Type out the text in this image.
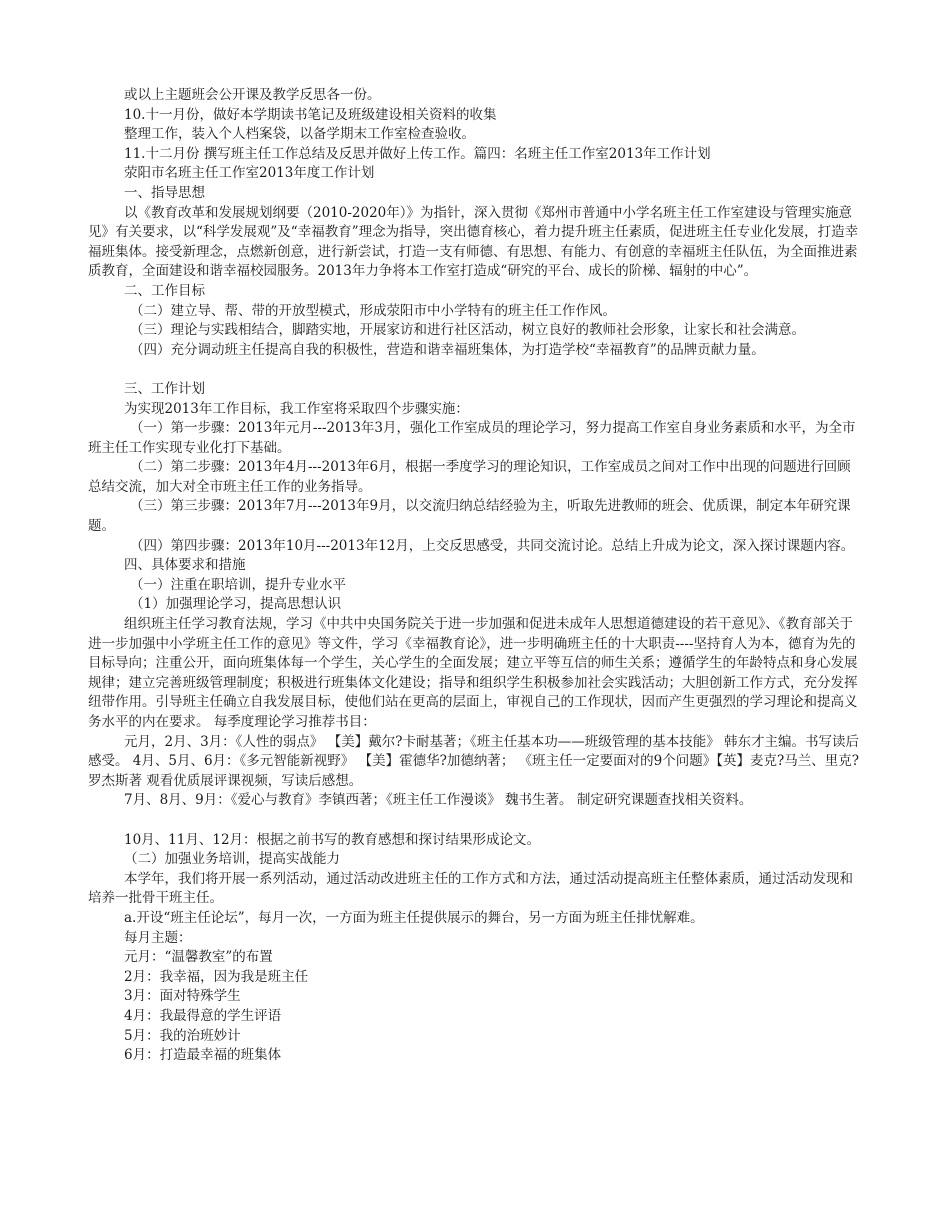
或以上主题班会公开课及教学反思各一份。

10.十一月份，做好本学期读书笔记及班级建设相关资料的收集

整理工作，装入个人档案袋，以备学期末工作室检查验收。

11.十二月份 撰写班主任工作总结及反思并做好上传工作。篇四：名班主任工作室2013年工作计划

荥阳市名班主任工作室2013年度工作计划

一、指导思想

以《教育改革和发展规划纲要（2010-2020年）》为指针，深入贯彻《郑州市普通中小学名班主任工作室建设与管理实施意见》有关要求，以“科学发展观”及“幸福教育”理念为指导，突出德育核心，着力提升班主任素质，促进班主任专业化发展，打造幸福班集体。接受新理念，点燃新创意，进行新尝试，打造一支有师德、有思想、有能力、有创意的幸福班主任队伍，为全面推进素质教育，全面建设和谐幸福校园服务。2013年力争将本工作室打造成“研究的平台、成长的阶梯、辐射的中心”。

二、工作目标

（二）建立导、帮、带的开放型模式，形成荥阳市中小学特有的班主任工作作风。

（三）理论与实践相结合，脚踏实地，开展家访和进行社区活动，树立良好的教师社会形象，让家长和社会满意。

（四）充分调动班主任提高自我的积极性，营造和谐幸福班集体，为打造学校“幸福教育”的品牌贡献力量。

三、工作计划

为实现2013年工作目标，我工作室将采取四个步骤实施：

（一）第一步骤：2013年元月---2013年3月，强化工作室成员的理论学习，努力提高工作室自身业务素质和水平，为全市班主任工作实现专业化打下基础。

（二）第二步骤：2013年4月---2013年6月，根据一季度学习的理论知识，工作室成员之间对工作中出现的问题进行回顾总结交流，加大对全市班主任工作的业务指导。

（三）第三步骤：2013年7月---2013年9月，以交流归纳总结经验为主，听取先进教师的班会、优质课，制定本年研究课题。

（四）第四步骤：2013年10月---2013年12月，上交反思感受，共同交流讨论。总结上升成为论文，深入探讨课题内容。

四、具体要求和措施

（一）注重在职培训，提升专业水平

（1）加强理论学习，提高思想认识

组织班主任学习教育法规，学习《中共中央国务院关于进一步加强和促进未成年人思想道德建设的若干意见》、《教育部关于进一步加强中小学班主任工作的意见》等文件，学习《幸福教育论》，进一步明确班主任的十大职责----坚持育人为本，德育为先的目标导向；注重公开，面向班集体每一个学生，关心学生的全面发展；建立平等互信的师生关系；遵循学生的年龄特点和身心发展规律；建立完善班级管理制度；积极进行班集体文化建设；指导和组织学生积极参加社会实践活动；大胆创新工作方式，充分发挥纽带作用。引导班主任确立自我发展目标，使他们站在更高的层面上，审视自己的工作现状，因而产生更强烈的学习理论和提高义务水平的内在要求。 每季度理论学习推荐书目：

元月，2月、3月：《人性的弱点》 【美】戴尔?卡耐基著；《班主任基本功——班级管理的基本技能》 韩东才主编。书写读后感受。 4月、5月、6月：《多元智能新视野》 【美】霍德华?加德纳著； 《班主任一定要面对的9个问题》【英】麦克?马兰、里克?罗杰斯著 观看优质展评课视频，写读后感想。

7月、8月、9月：《爱心与教育》李镇西著；《班主任工作漫谈》 魏书生著。 制定研究课题查找相关资料。

10月、11月、12月：根据之前书写的教育感想和探讨结果形成论文。

（二）加强业务培训，提高实战能力

本学年，我们将开展一系列活动，通过活动改进班主任的工作方式和方法，通过活动提高班主任整体素质，通过活动发现和培养一批骨干班主任。

a.开设“班主任论坛”，每月一次，一方面为班主任提供展示的舞台，另一方面为班主任排忧解难。

每月主题：

元月：“温馨教室”的布置

2月：我幸福，因为我是班主任

3月：面对特殊学生

4月：我最得意的学生评语

5月：我的治班妙计

6月：打造最幸福的班集体
